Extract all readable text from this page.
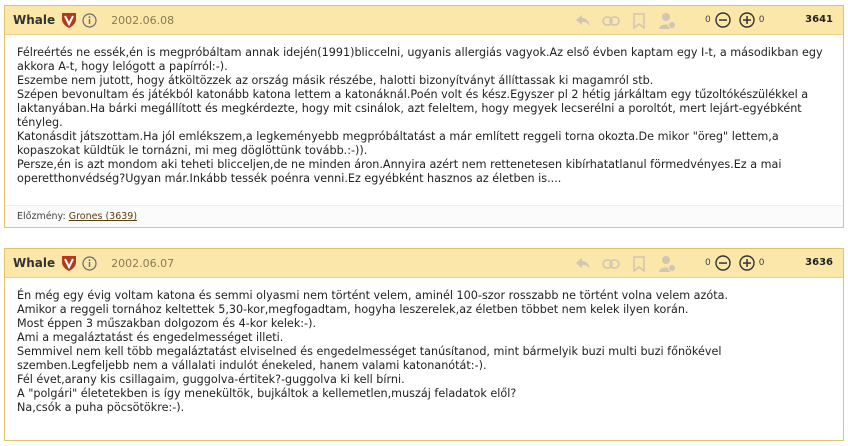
Whale	2002.06.08	0	0	3641
Félreértés ne essék,én is megpróbáltam annak idején(1991)bliccelni, ugyanis allergiás vagyok.Az első évben kaptam egy I-t, a másodikban egy akkora A-t, hogy lelógott a papírról:-).
Eszembe nem jutott, hogy átköltözzek az ország másik részébe, halotti bizonyítványt állíttassak ki magamról stb.
Szépen bevonultam és játékból katonább katona lettem a katonáknál.Poén volt és kész.Egyszer pl 2 hétig járkáltam egy tűzoltókészülékkel a laktanyában.Ha bárki megállított és megkérdezte, hogy mit csinálok, azt feleltem, hogy megyek lecserélni a poroltót, mert lejárt-egyébként tényleg.
Katonásdit játszottam.Ha jól emlékszem,a legkeményebb megpróbáltatást a már említett reggeli torna okozta.De mikor "öreg" lettem,a kopaszokat küldtük le tornázni, mi meg döglöttünk tovább.:-)).
Persze,én is azt mondom aki teheti blicceljen,de ne minden áron.Annyira azért nem rettenetesen kibírhatatlanul förmedvényes.Ez a mai operetthonvédség?Ugyan már.Inkább tessék poénra venni.Ez egyébként hasznos az életben is....
Előzmény: Grones (3639)
Whale	2002.06.07	0	0	3636
Én még egy évig voltam katona és semmi olyasmi nem történt velem, aminél 100-szor rosszabb ne történt volna velem azóta.
Amikor a reggeli tornához keltettek 5,30-kor,megfogadtam, hogyha leszerelek,az életben többet nem kelek ilyen korán.
Most éppen 3 műszakban dolgozom és 4-kor kelek:-).
Ami a megaláztatást és engedelmességet illeti.
Semmivel nem kell több megaláztatást elviselned és engedelmességet tanúsítanod, mint bármelyik buzi multi buzi főnökével szemben.Legfeljebb nem a vállalati indulót énekeled, hanem valami katonanótát:-).
Fél évet,arany kis csillagaim, guggolva-értitek?-guggolva ki kell bírni.
A "polgári" életetekben is így menekültök, bujkáltok a kellemetlen,muszáj feladatok elől?
Na,csók a puha pöcsötökre:-).
